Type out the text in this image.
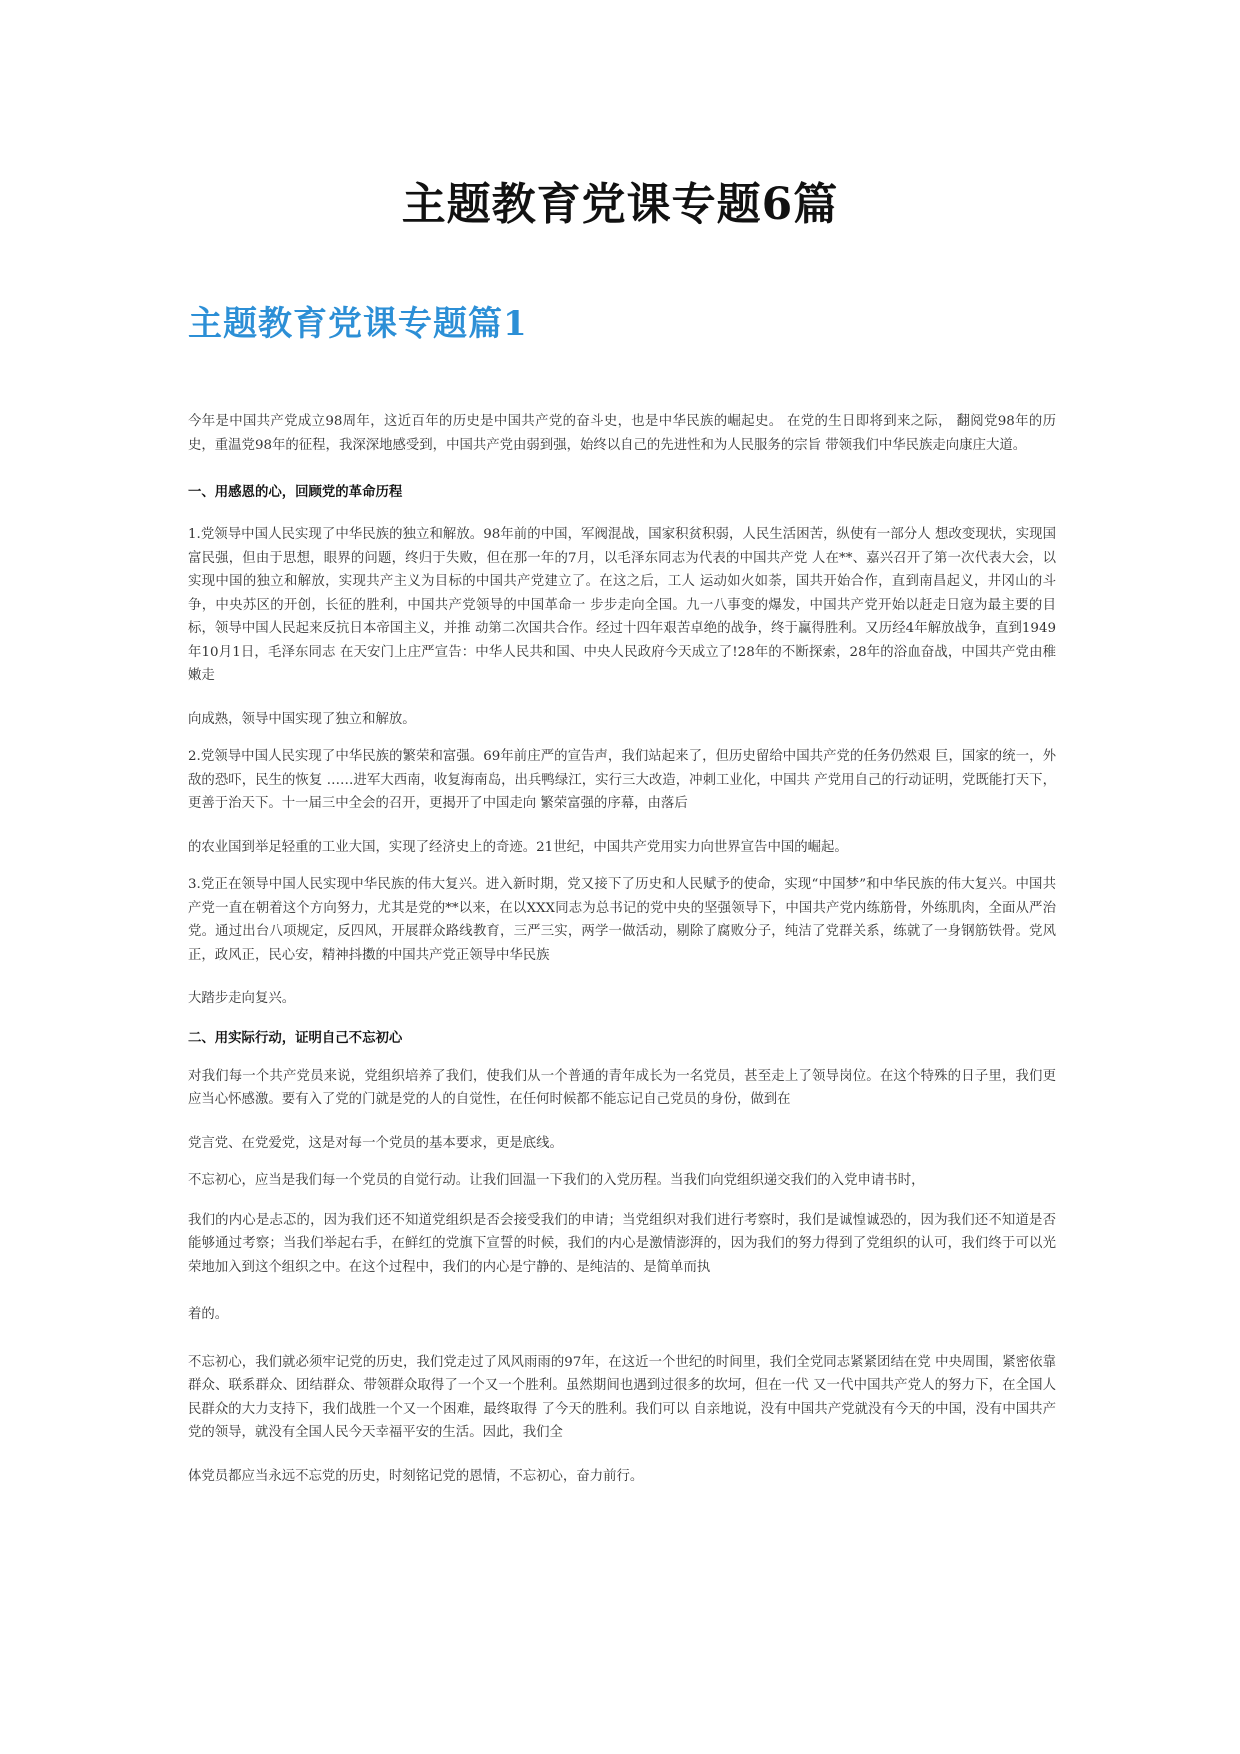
主题教育党课专题6篇
主题教育党课专题篇1

今年是中国共产党成立98周年，这近百年的历史是中国共产党的奋斗史，也是中华民族的崛起史。 在党的生日即将到来之际， 翻阅党98年的历史，重温党98年的征程，我深深地感受到，中国共产党由弱到强，始终以自己的先进性和为人民服务的宗旨 带领我们中华民族走向康庄大道。

一、用感恩的心，回顾党的革命历程

1.党领导中国人民实现了中华民族的独立和解放。98年前的中国，军阀混战，国家积贫积弱，人民生活困苦，纵使有一部分人 想改变现状，实现国富民强，但由于思想，眼界的问题，终归于失败，但在那一年的7月，以毛泽东同志为代表的中国共产党 人在**、嘉兴召开了第一次代表大会，以实现中国的独立和解放，实现共产主义为目标的中国共产党建立了。在这之后，工人 运动如火如荼，国共开始合作，直到南昌起义，井冈山的斗争，中央苏区的开创，长征的胜利，中国共产党领导的中国革命一 步步走向全国。九一八事变的爆发，中国共产党开始以赶走日寇为最主要的目标，领导中国人民起来反抗日本帝国主义，并推 动第二次国共合作。经过十四年艰苦卓绝的战争，终于赢得胜利。又历经4年解放战争，直到1949年10月1日，毛泽东同志 在天安门上庄严宣告：中华人民共和国、中央人民政府今天成立了!28年的不断探索，28年的浴血奋战，中国共产党由稚嫩走

向成熟，领导中国实现了独立和解放。

2.党领导中国人民实现了中华民族的繁荣和富强。69年前庄严的宣告声，我们站起来了，但历史留给中国共产党的任务仍然艰 巨，国家的统一，外敌的恐吓，民生的恢复 ……进军大西南，收复海南岛，出兵鸭绿江，实行三大改造，冲刺工业化，中国共 产党用自己的行动证明，党既能打天下，更善于治天下。十一届三中全会的召开，更揭开了中国走向 繁荣富强的序幕，由落后

的农业国到举足轻重的工业大国，实现了经济史上的奇迹。21世纪，中国共产党用实力向世界宣告中国的崛起。

3.党正在领导中国人民实现中华民族的伟大复兴。进入新时期，党又接下了历史和人民赋予的使命，实现“中国梦”和中华民族的伟大复兴。中国共产党一直在朝着这个方向努力，尤其是党的**以来，在以XXX同志为总书记的党中央的坚强领导下，中国共产党内练筋骨，外练肌肉，全面从严治党。通过出台八项规定，反四风，开展群众路线教育，三严三实，两学一做活动，剔除了腐败分子，纯洁了党群关系，练就了一身钢筋铁骨。党风正，政风正，民心安，精神抖擞的中国共产党正领导中华民族

大踏步走向复兴。

二、用实际行动，证明自己不忘初心

对我们每一个共产党员来说，党组织培养了我们，使我们从一个普通的青年成长为一名党员，甚至走上了领导岗位。在这个特殊的日子里，我们更应当心怀感激。要有入了党的门就是党的人的自觉性，在任何时候都不能忘记自己党员的身份，做到在

党言党、在党爱党，这是对每一个党员的基本要求，更是底线。

不忘初心，应当是我们每一个党员的自觉行动。让我们回温一下我们的入党历程。当我们向党组织递交我们的入党申请书时，

我们的内心是忐忑的，因为我们还不知道党组织是否会接受我们的申请；当党组织对我们进行考察时，我们是诚惶诚恐的，因为我们还不知道是否能够通过考察；当我们举起右手，在鲜红的党旗下宣誓的时候，我们的内心是激情澎湃的，因为我们的努力得到了党组织的认可，我们终于可以光荣地加入到这个组织之中。在这个过程中，我们的内心是宁静的、是纯洁的、是简单而执

着的。

不忘初心，我们就必须牢记党的历史，我们党走过了风风雨雨的97年，在这近一个世纪的时间里，我们全党同志紧紧团结在党 中央周围，紧密依靠群众、联系群众、团结群众、带领群众取得了一个又一个胜利。虽然期间也遇到过很多的坎坷，但在一代 又一代中国共产党人的努力下，在全国人民群众的大力支持下，我们战胜一个又一个困难，最终取得 了今天的胜利。我们可以 自亲地说，没有中国共产党就没有今天的中国，没有中国共产党的领导，就没有全国人民今天幸福平安的生活。因此，我们全

体党员都应当永远不忘党的历史，时刻铭记党的恩情，不忘初心，奋力前行。
